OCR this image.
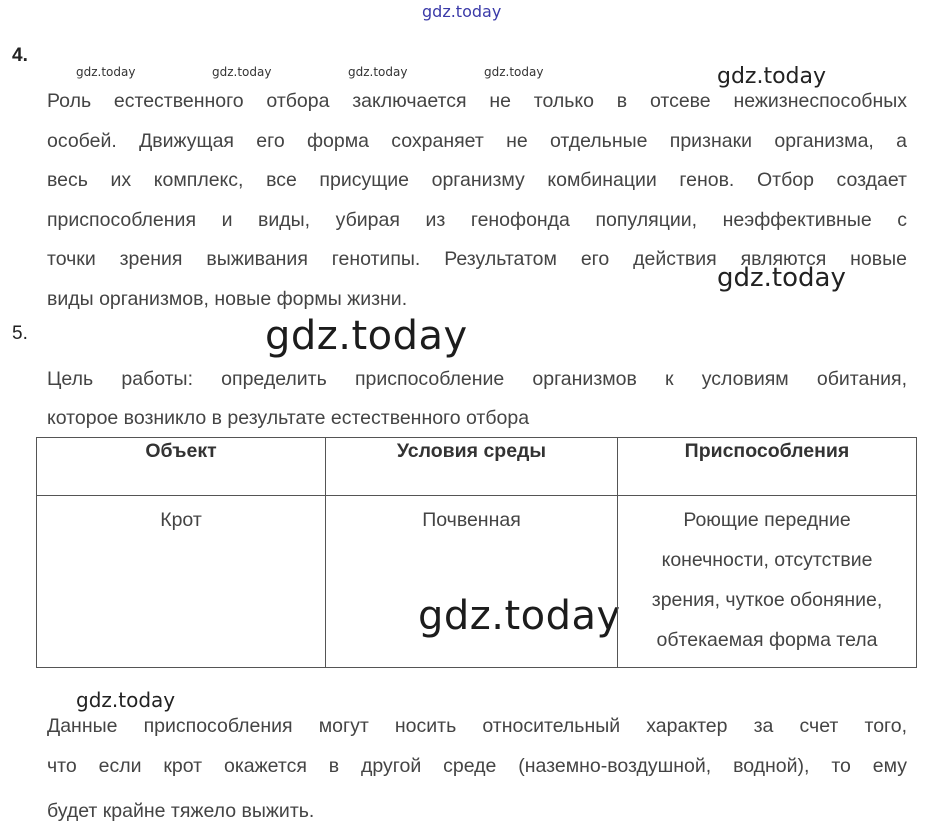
gdz.today
gdz.today	gdz.today	gdz.today	gdz.today	gdz.today
gdz.today
gdz.today
gdz.today
gdz.today
4.
Роль естественного отбора заключается не только в отсеве нежизнеспособных
особей. Движущая его форма сохраняет не отдельные признаки организма, а
весь их комплекс, все присущие организму комбинации генов. Отбор создает
приспособления и виды, убирая из генофонда популяции, неэффективные с
точки зрения выживания генотипы. Результатом его действия являются новые
виды организмов, новые формы жизни.
5.
Цель работы: определить приспособление организмов к условиям обитания,
которое возникло в результате естественного отбора
Объект	Условия среды	Приспособления
Крот	Почвенная	Роющие передние
конечности, отсутствие
зрения, чуткое обоняние,
обтекаемая форма тела
Данные приспособления могут носить относительный характер за счет того,
что если крот окажется в другой среде (наземно-воздушной, водной), то ему
будет крайне тяжело выжить.
